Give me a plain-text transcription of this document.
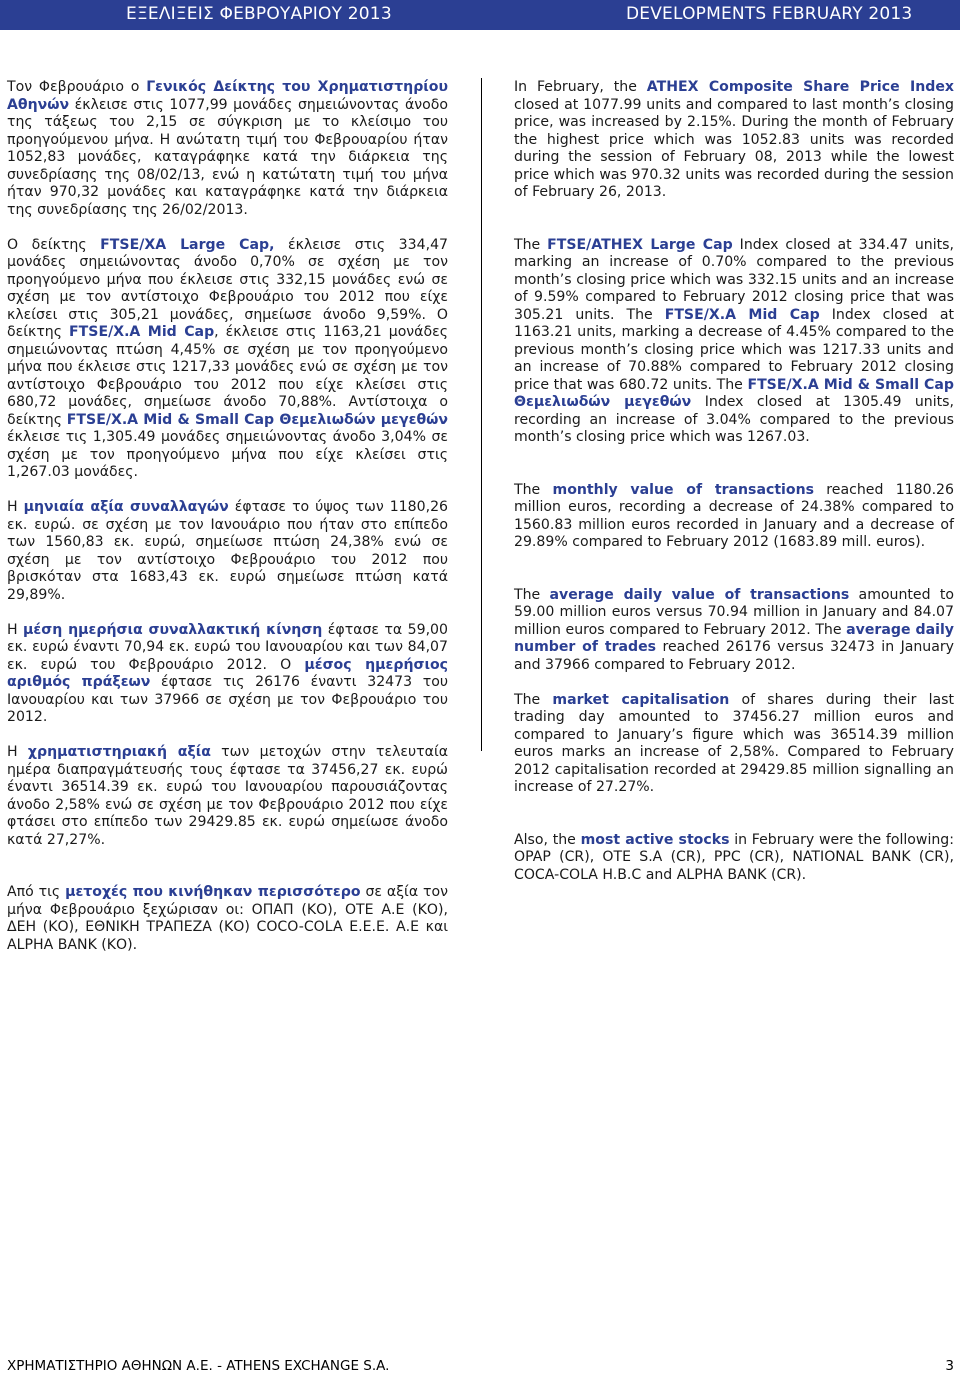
ΕΞΕΛΙΞΕΙΣ ΦΕΒΡΟΥΑΡΙΟΥ 2013	DEVELOPMENTS FEBRUARY 2013

Τον Φεβρουάριο ο Γενικός Δείκτης του Χρηματιστηρίου Αθηνών έκλεισε στις 1077,99 μονάδες σημειώνοντας άνοδο της τάξεως του 2,15 σε σύγκριση με το κλείσιμο του προηγούμενου μήνα. Η ανώτατη τιμή του Φεβρουαρίου ήταν 1052,83 μονάδες, καταγράφηκε κατά την διάρκεια της συνεδρίασης της 08/02/13, ενώ η κατώτατη τιμή του μήνα ήταν 970,32 μονάδες και καταγράφηκε κατά την διάρκεια της συνεδρίασης της 26/02/2013.

Ο δείκτης FTSE/XA Large Cap, έκλεισε στις 334,47 μονάδες σημειώνοντας άνοδο 0,70% σε σχέση με τον προηγούμενο μήνα που έκλεισε στις 332,15 μονάδες ενώ σε σχέση με τον αντίστοιχο Φεβρουάριο του 2012 που είχε κλείσει στις 305,21 μονάδες, σημείωσε άνοδο 9,59%. Ο δείκτης FTSE/X.A Mid Cap, έκλεισε στις 1163,21 μονάδες σημειώνοντας πτώση 4,45% σε σχέση με τον προηγούμενο μήνα που έκλεισε στις 1217,33 μονάδες ενώ σε σχέση με τον αντίστοιχο Φεβρουάριο του 2012 που είχε κλείσει στις 680,72 μονάδες, σημείωσε άνοδο 70,88%. Αντίστοιχα ο δείκτης FTSE/X.A Mid & Small Cap Θεμελιωδών μεγεθών έκλεισε τις 1,305.49 μονάδες σημειώνοντας άνοδο 3,04% σε σχέση με τον προηγούμενο μήνα που είχε κλείσει στις 1,267.03 μονάδες.

Η μηνιαία αξία συναλλαγών έφτασε το ύψος των 1180,26 εκ. ευρώ. σε σχέση με τον Ιανουάριο που ήταν στο επίπεδο των 1560,83 εκ. ευρώ, σημείωσε πτώση 24,38% ενώ σε σχέση με τον αντίστοιχο Φεβρουάριο του 2012 που βρισκόταν στα 1683,43 εκ. ευρώ σημείωσε πτώση κατά 29,89%.

Η μέση ημερήσια συναλλακτική κίνηση έφτασε τα 59,00 εκ. ευρώ έναντι 70,94 εκ. ευρώ του Ιανουαρίου και των 84,07 εκ. ευρώ του Φεβρουάριο 2012. Ο μέσος ημερήσιος αριθμός πράξεων έφτασε τις 26176 έναντι 32473 του Ιανουαρίου και των 37966 σε σχέση με τον Φεβρουάριο του 2012.

Η χρηματιστηριακή αξία των μετοχών στην τελευταία ημέρα διαπραγμάτευσής τους έφτασε τα 37456,27 εκ. ευρώ έναντι 36514.39 εκ. ευρώ του Ιανουαρίου παρουσιάζοντας άνοδο 2,58% ενώ σε σχέση με τον Φεβρουάριο 2012 που είχε φτάσει στο επίπεδο των 29429.85 εκ. ευρώ σημείωσε άνοδο κατά 27,27%.

Από τις μετοχές που κινήθηκαν περισσότερο σε αξία τον μήνα Φεβρουάριο ξεχώρισαν οι: ΟΠΑΠ (ΚΟ), ΟΤΕ Α.Ε (ΚΟ), ΔΕΗ (ΚΟ), ΕΘΝΙΚΗ ΤΡΑΠΕΖΑ (ΚΟ) COCO-COLA Ε.Ε.Ε. Α.Ε και ALPHA BANK (ΚΟ).

In February, the ATHEX Composite Share Price Index closed at 1077.99 units and compared to last month’s closing price, was increased by 2.15%. During the month of February the highest price which was 1052.83 units was recorded during the session of February 08, 2013 while the lowest price which was 970.32 units was recorded during the session of February 26, 2013.

The FTSE/ATHEX Large Cap Index closed at 334.47 units, marking an increase of 0.70% compared to the previous month’s closing price which was 332.15 units and an increase of 9.59% compared to February 2012 closing price that was 305.21 units. The FTSE/X.A Mid Cap Index closed at 1163.21 units, marking a decrease of 4.45% compared to the previous month’s closing price which was 1217.33 units and an increase of 70.88% compared to February 2012 closing price that was 680.72 units. The FTSE/X.A Mid & Small Cap Θεμελιωδών μεγεθών Index closed at 1305.49 units, recording an increase of 3.04% compared to the previous month’s closing price which was 1267.03.

The monthly value of transactions reached 1180.26 million euros, recording a decrease of 24.38% compared to 1560.83 million euros recorded in January and a decrease of 29.89% compared to February 2012 (1683.89 mill. euros).

The average daily value of transactions amounted to 59.00 million euros versus 70.94 million in January and 84.07 million euros compared to February 2012. The average daily number of trades reached 26176 versus 32473 in January and 37966 compared to February 2012.

The market capitalisation of shares during their last trading day amounted to 37456.27 million euros and compared to January’s figure which was 36514.39 million euros marks an increase of 2,58%. Compared to February 2012 capitalisation recorded at 29429.85 million signalling an increase of 27.27%.

Also, the most active stocks in February were the following: OPAP (CR), OTE S.A (CR), PPC (CR), NATIONAL BANK (CR), COCA-COLA H.B.C and ALPHA BANK (CR).

ΧΡΗΜΑΤΙΣΤΗΡΙΟ ΑΘΗΝΩΝ Α.Ε. - ATHENS EXCHANGE S.A.	3
